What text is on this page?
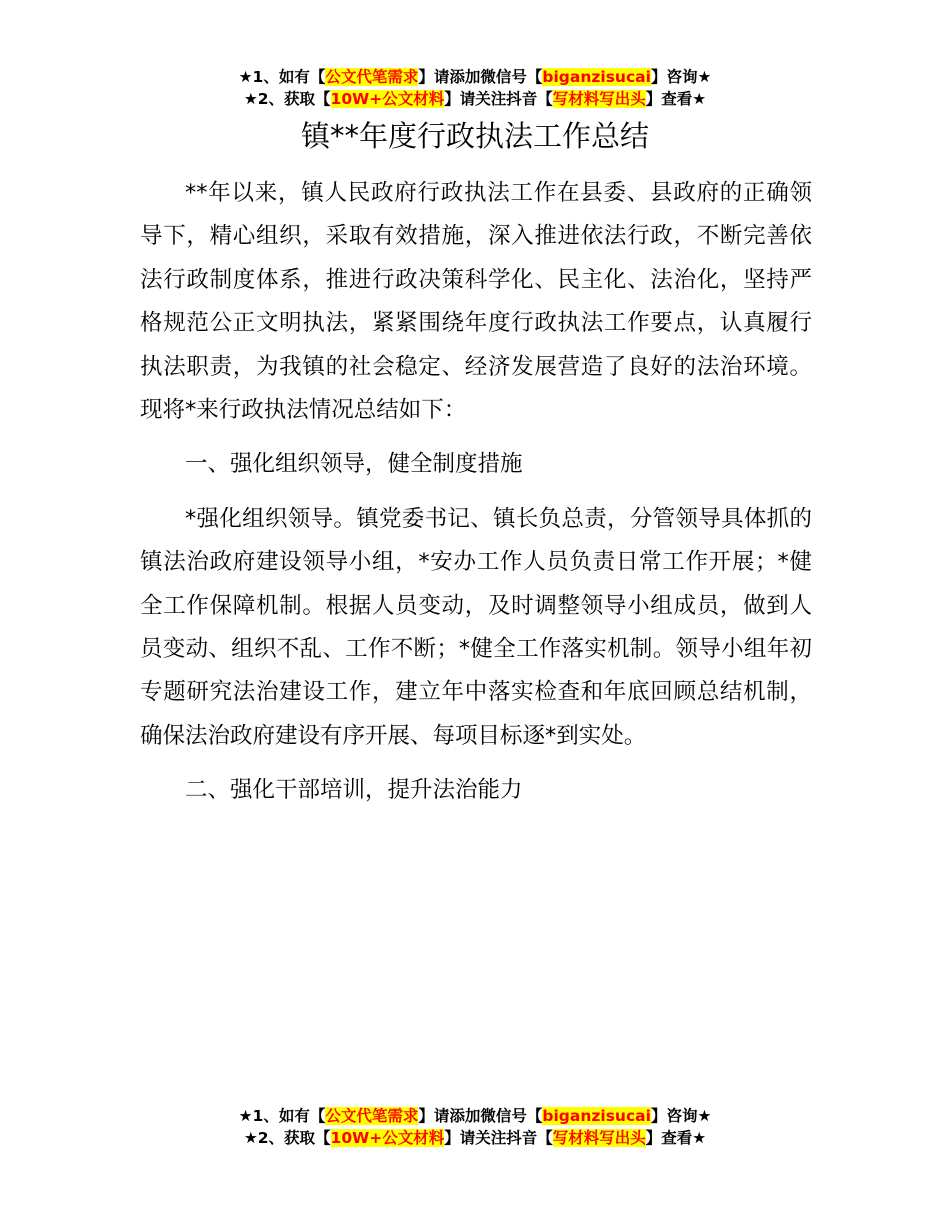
★1、如有【公文代笔需求】请添加微信号【biganzisucai】咨询★
★2、获取【10W+公文材料】请关注抖音【写材料写出头】查看★
镇**年度行政执法工作总结

**年以来，镇人民政府行政执法工作在县委、县政府的正确领导下，精心组织，采取有效措施，深入推进依法行政，不断完善依法行政制度体系，推进行政决策科学化、民主化、法治化，坚持严格规范公正文明执法，紧紧围绕年度行政执法工作要点，认真履行执法职责，为我镇的社会稳定、经济发展营造了良好的法治环境。现将*来行政执法情况总结如下：

一、强化组织领导，健全制度措施

*强化组织领导。镇党委书记、镇长负总责，分管领导具体抓的镇法治政府建设领导小组，*安办工作人员负责日常工作开展；*健全工作保障机制。根据人员变动，及时调整领导小组成员，做到人员变动、组织不乱、工作不断；*健全工作落实机制。领导小组年初专题研究法治建设工作，建立年中落实检查和年底回顾总结机制，确保法治政府建设有序开展、每项目标逐*到实处。

二、强化干部培训，提升法治能力

★1、如有【公文代笔需求】请添加微信号【biganzisucai】咨询★
★2、获取【10W+公文材料】请关注抖音【写材料写出头】查看★
